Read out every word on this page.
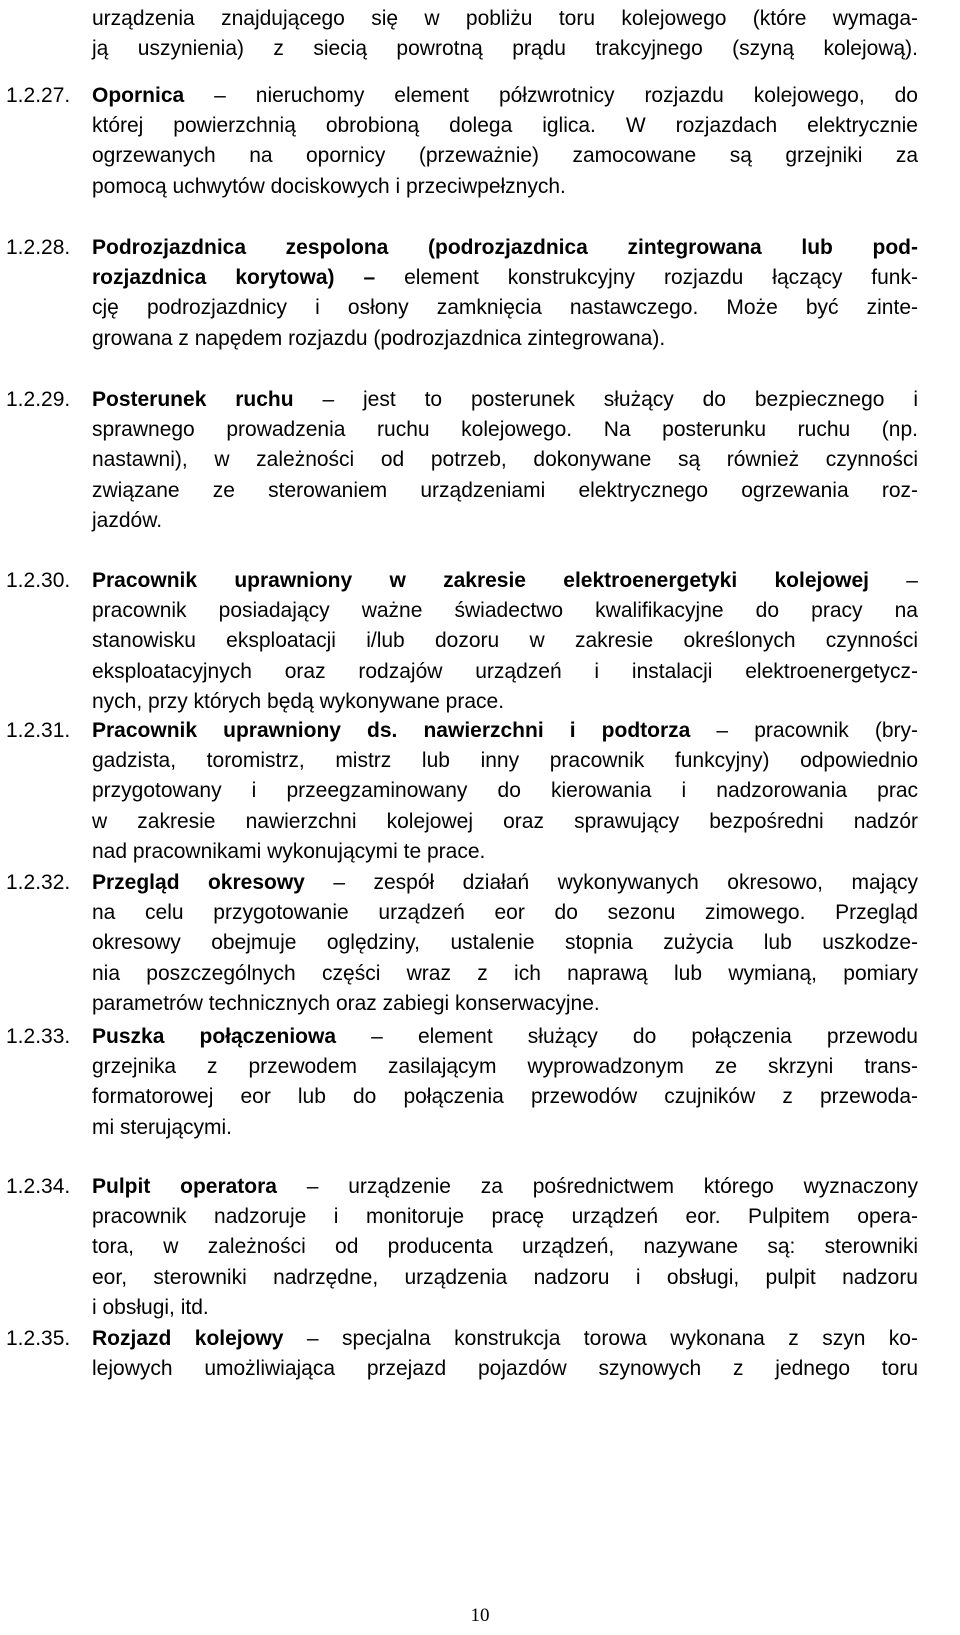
urządzenia znajdującego się w pobliżu toru kolejowego (które wymaga-
ją uszynienia) z siecią powrotną prądu trakcyjnego (szyną kolejową).
1.2.27. Opornica – nieruchomy element półzwrotnicy rozjazdu kolejowego, do
której powierzchnią obrobioną dolega iglica. W rozjazdach elektrycznie
ogrzewanych na opornicy (przeważnie) zamocowane są grzejniki za
pomocą uchwytów dociskowych i przeciwpełznych.
1.2.28. Podrozjazdnica zespolona (podrozjazdnica zintegrowana lub pod-
rozjazdnica korytowa) – element konstrukcyjny rozjazdu łączący funk-
cję podrozjazdnicy i osłony zamknięcia nastawczego. Może być zinte-
growana z napędem rozjazdu (podrozjazdnica zintegrowana).
1.2.29. Posterunek ruchu – jest to posterunek służący do bezpiecznego i
sprawnego prowadzenia ruchu kolejowego. Na posterunku ruchu (np.
nastawni), w zależności od potrzeb, dokonywane są również czynności
związane ze sterowaniem urządzeniami elektrycznego ogrzewania roz-
jazdów.
1.2.30. Pracownik uprawniony w zakresie elektroenergetyki kolejowej –
pracownik posiadający ważne świadectwo kwalifikacyjne do pracy na
stanowisku eksploatacji i/lub dozoru w zakresie określonych czynności
eksploatacyjnych oraz rodzajów urządzeń i instalacji elektroenergetycz-
nych, przy których będą wykonywane prace.
1.2.31. Pracownik uprawniony ds. nawierzchni i podtorza – pracownik (bry-
gadzista, toromistrz, mistrz lub inny pracownik funkcyjny) odpowiednio
przygotowany i przeegzaminowany do kierowania i nadzorowania prac
w zakresie nawierzchni kolejowej oraz sprawujący bezpośredni nadzór
nad pracownikami wykonującymi te prace.
1.2.32. Przegląd okresowy – zespół działań wykonywanych okresowo, mający
na celu przygotowanie urządzeń eor do sezonu zimowego. Przegląd
okresowy obejmuje oględziny, ustalenie stopnia zużycia lub uszkodze-
nia poszczególnych części wraz z ich naprawą lub wymianą, pomiary
parametrów technicznych oraz zabiegi konserwacyjne.
1.2.33. Puszka połączeniowa – element służący do połączenia przewodu
grzejnika z przewodem zasilającym wyprowadzonym ze skrzyni trans-
formatorowej eor lub do połączenia przewodów czujników z przewoda-
mi sterującymi.
1.2.34. Pulpit operatora – urządzenie za pośrednictwem którego wyznaczony
pracownik nadzoruje i monitoruje pracę urządzeń eor. Pulpitem opera-
tora, w zależności od producenta urządzeń, nazywane są: sterowniki
eor, sterowniki nadrzędne, urządzenia nadzoru i obsługi, pulpit nadzoru
i obsługi, itd.
1.2.35. Rozjazd kolejowy – specjalna konstrukcja torowa wykonana z szyn ko-
lejowych umożliwiająca przejazd pojazdów szynowych z jednego toru
10
